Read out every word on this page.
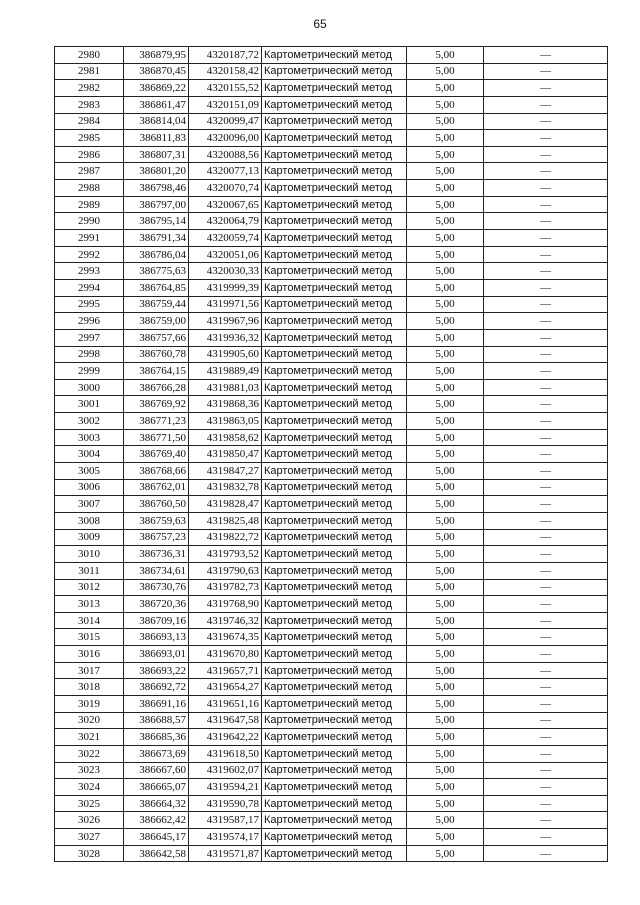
65
2980	386879,95	4320187,72	Картометрический метод	5,00	—
2981	386870,45	4320158,42	Картометрический метод	5,00	—
2982	386869,22	4320155,52	Картометрический метод	5,00	—
2983	386861,47	4320151,09	Картометрический метод	5,00	—
2984	386814,04	4320099,47	Картометрический метод	5,00	—
2985	386811,83	4320096,00	Картометрический метод	5,00	—
2986	386807,31	4320088,56	Картометрический метод	5,00	—
2987	386801,20	4320077,13	Картометрический метод	5,00	—
2988	386798,46	4320070,74	Картометрический метод	5,00	—
2989	386797,00	4320067,65	Картометрический метод	5,00	—
2990	386795,14	4320064,79	Картометрический метод	5,00	—
2991	386791,34	4320059,74	Картометрический метод	5,00	—
2992	386786,04	4320051,06	Картометрический метод	5,00	—
2993	386775,63	4320030,33	Картометрический метод	5,00	—
2994	386764,85	4319999,39	Картометрический метод	5,00	—
2995	386759,44	4319971,56	Картометрический метод	5,00	—
2996	386759,00	4319967,96	Картометрический метод	5,00	—
2997	386757,66	4319936,32	Картометрический метод	5,00	—
2998	386760,78	4319905,60	Картометрический метод	5,00	—
2999	386764,15	4319889,49	Картометрический метод	5,00	—
3000	386766,28	4319881,03	Картометрический метод	5,00	—
3001	386769,92	4319868,36	Картометрический метод	5,00	—
3002	386771,23	4319863,05	Картометрический метод	5,00	—
3003	386771,50	4319858,62	Картометрический метод	5,00	—
3004	386769,40	4319850,47	Картометрический метод	5,00	—
3005	386768,66	4319847,27	Картометрический метод	5,00	—
3006	386762,01	4319832,78	Картометрический метод	5,00	—
3007	386760,50	4319828,47	Картометрический метод	5,00	—
3008	386759,63	4319825,48	Картометрический метод	5,00	—
3009	386757,23	4319822,72	Картометрический метод	5,00	—
3010	386736,31	4319793,52	Картометрический метод	5,00	—
3011	386734,61	4319790,63	Картометрический метод	5,00	—
3012	386730,76	4319782,73	Картометрический метод	5,00	—
3013	386720,36	4319768,90	Картометрический метод	5,00	—
3014	386709,16	4319746,32	Картометрический метод	5,00	—
3015	386693,13	4319674,35	Картометрический метод	5,00	—
3016	386693,01	4319670,80	Картометрический метод	5,00	—
3017	386693,22	4319657,71	Картометрический метод	5,00	—
3018	386692,72	4319654,27	Картометрический метод	5,00	—
3019	386691,16	4319651,16	Картометрический метод	5,00	—
3020	386688,57	4319647,58	Картометрический метод	5,00	—
3021	386685,36	4319642,22	Картометрический метод	5,00	—
3022	386673,69	4319618,50	Картометрический метод	5,00	—
3023	386667,60	4319602,07	Картометрический метод	5,00	—
3024	386665,07	4319594,21	Картометрический метод	5,00	—
3025	386664,32	4319590,78	Картометрический метод	5,00	—
3026	386662,42	4319587,17	Картометрический метод	5,00	—
3027	386645,17	4319574,17	Картометрический метод	5,00	—
3028	386642,58	4319571,87	Картометрический метод	5,00	—
